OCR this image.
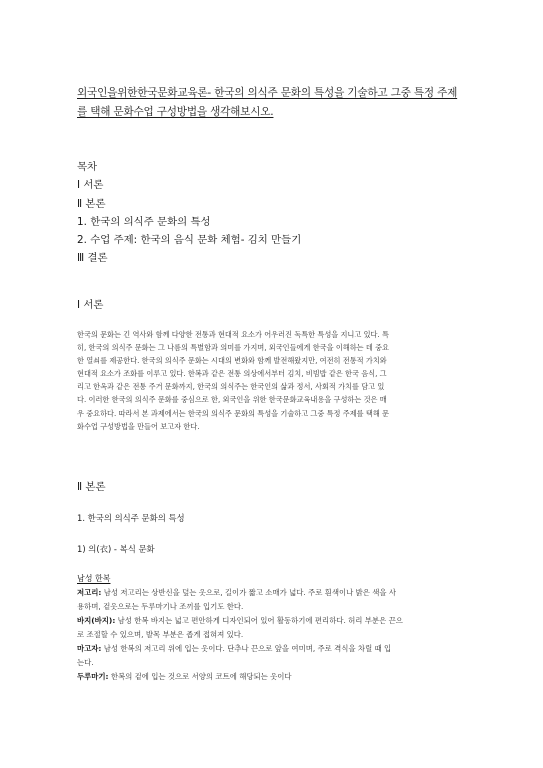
외국인을위한한국문화교육론- 한국의 의식주 문화의 특성을 기술하고 그중 특정 주제
를 택해 문화수업 구성방법을 생각해보시오.
목차
Ⅰ 서론
Ⅱ 본론
1. 한국의 의식주 문화의 특성
2. 수업 주제: 한국의 음식 문화 체험- 김치 만들기
Ⅲ 결론
Ⅰ 서론
한국의 문화는 긴 역사와 함께 다양한 전통과 현대적 요소가 어우러진 독특한 특성을 지니고 있다. 특
히, 한국의 의식주 문화는 그 나름의 특별함과 의미를 가지며, 외국인들에게 한국을 이해하는 데 중요
한 열쇠를 제공한다. 한국의 의식주 문화는 시대의 변화와 함께 발전해왔지만, 여전히 전통적 가치와
현대적 요소가 조화를 이루고 있다. 한복과 같은 전통 의상에서부터 김치, 비빔밥 같은 한국 음식, 그
리고 한옥과 같은 전통 주거 문화까지, 한국의 의식주는 한국인의 삶과 정서, 사회적 가치를 담고 있
다. 이러한 한국의 의식주 문화를 중심으로 한, 외국인을 위한 한국문화교육내용을 구성하는 것은 매
우 중요하다. 따라서 본 과제에서는 한국의 의식주 문화의 특성을 기술하고 그중 특정 주제를 택해 문
화수업 구성방법을 만들어 보고자 한다.
Ⅱ 본론
1. 한국의 의식주 문화의 특성
1) 의(衣) - 복식 문화
남성 한복
저고리: 남성 저고리는 상반신을 덮는 옷으로, 길이가 짧고 소매가 넓다. 주로 흰색이나 밝은 색을 사
용하며, 겉옷으로는 두루마기나 조끼를 입기도 한다.
바지(바지): 남성 한복 바지는 넓고 편안하게 디자인되어 있어 활동하기에 편리하다. 허리 부분은 끈으
로 조절할 수 있으며, 발목 부분은 좁게 접혀져 있다.
마고자: 남성 한복의 저고리 위에 입는 옷이다. 단추나 끈으로 앞을 여미며, 주로 격식을 차릴 때 입
는다.
두루마기: 한복의 겉에 입는 것으로 서양의 코트에 해당되는 옷이다
